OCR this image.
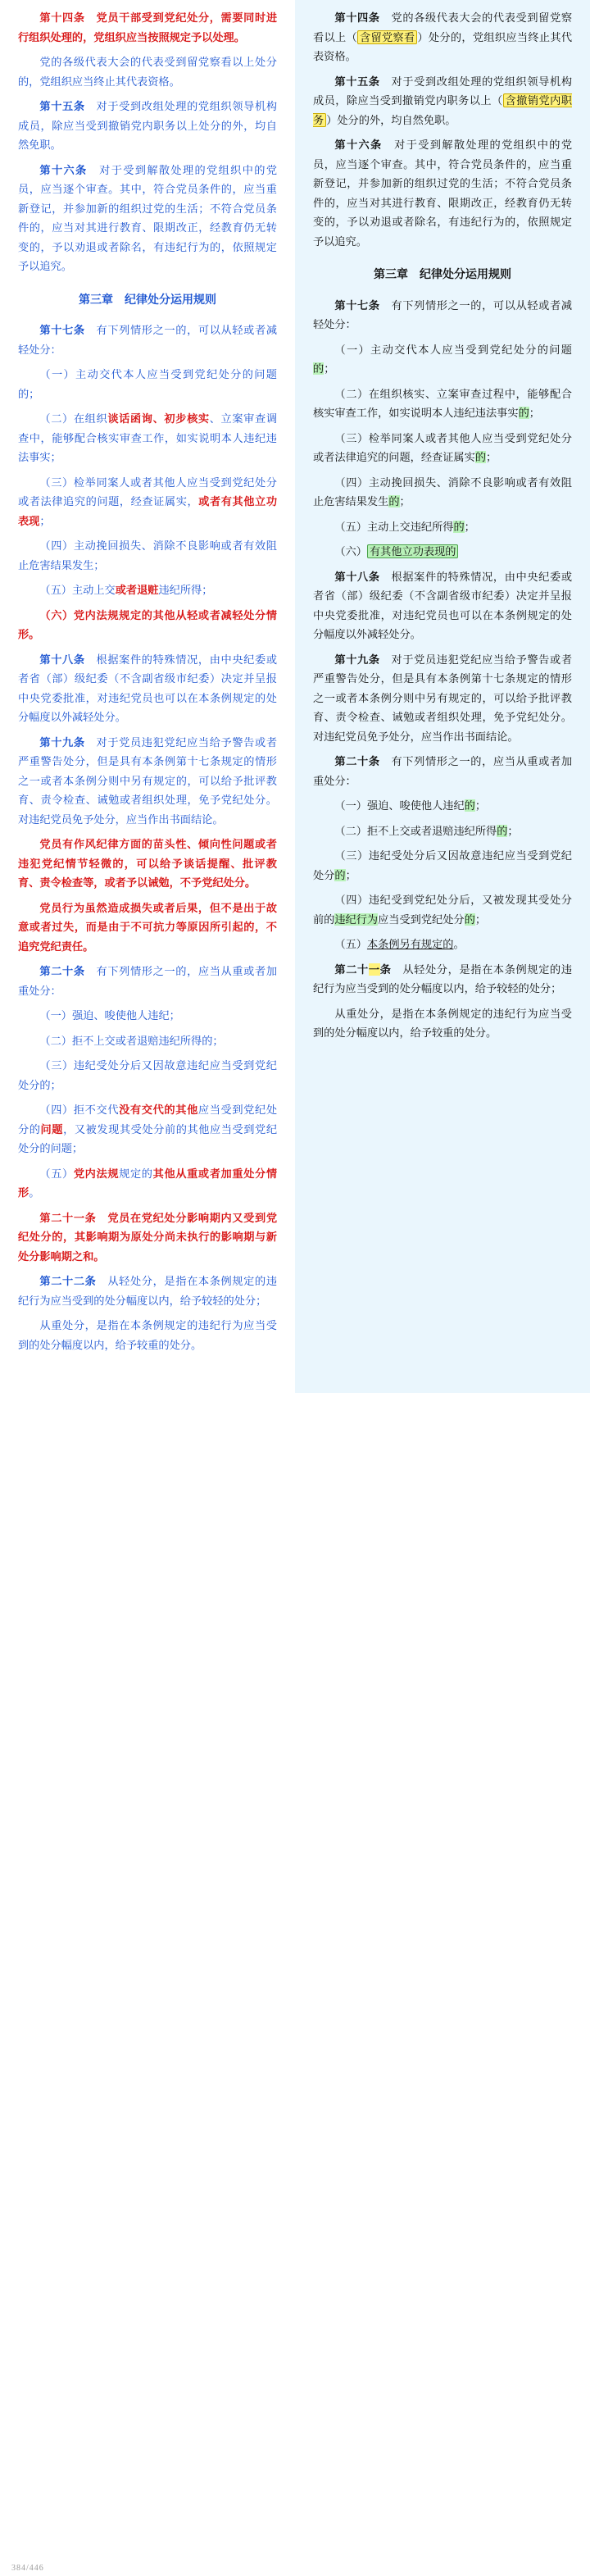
第十四条　党员干部受到党纪处分，需要同时进行组织处理的，党组织应当按照规定予以处理。

党的各级代表大会的代表受到留党察看以上处分的，党组织应当终止其代表资格。

第十五条　对于受到改组处理的党组织领导机构成员，除应当受到撤销党内职务以上处分的外，均自然免职。

第十六条　对于受到解散处理的党组织中的党员，应当逐个审查。其中，符合党员条件的，应当重新登记，并参加新的组织过党的生活；不符合党员条件的，应当对其进行教育、限期改正，经教育仍无转变的，予以劝退或者除名，有违纪行为的，依照规定予以追究。

第三章　纪律处分运用规则

第十七条　有下列情形之一的，可以从轻或者减轻处分：

（一）主动交代本人应当受到党纪处分的问题的；

（二）在组织谈话函询、初步核实、立案审查调查中，能够配合核实审查工作，如实说明本人违纪违法事实；

（三）检举同案人或者其他人应当受到党纪处分或者法律追究的问题，经查证属实，或者有其他立功表现；

（四）主动挽回损失、消除不良影响或者有效阻止危害结果发生；

（五）主动上交或者退赃违纪所得；

（六）党内法规规定的其他从轻或者减轻处分情形。

第十八条　根据案件的特殊情况，由中央纪委或者省（部）级纪委（不含副省级市纪委）决定并呈报中央党委批准，对违纪党员也可以在本条例规定的处分幅度以外减轻处分。

第十九条　对于党员违犯党纪应当给予警告或者严重警告处分，但是具有本条例第十七条规定的情形之一或者本条例分则中另有规定的，可以给予批评教育、责令检查、诫勉或者组织处理，免予党纪处分。对违纪党员免予处分，应当作出书面结论。

党员有作风纪律方面的苗头性、倾向性问题或者违犯党纪情节轻微的，可以给予谈话提醒、批评教育、责令检查等，或者予以诫勉，不予党纪处分。

党员行为虽然造成损失或者后果，但不是出于故意或者过失，而是由于不可抗力等原因所引起的，不追究党纪责任。

第二十条　有下列情形之一的，应当从重或者加重处分：

（一）强迫、唆使他人违纪；

（二）拒不上交或者退赔违纪所得的；

（三）违纪受处分后又因故意违纪应当受到党纪处分的；

（四）拒不交代没有交代的其他应当受到党纪处分的问题，又被发现其受处分前的其他应当受到党纪处分的问题；

（五）党内法规规定的其他从重或者加重处分情形。

第二十一条　党员在党纪处分影响期内又受到党纪处分的，其影响期为原处分尚未执行的影响期与新处分影响期之和。

第二十二条　从轻处分，是指在本条例规定的违纪行为应当受到的处分幅度以内，给予较轻的处分；

从重处分，是指在本条例规定的违纪行为应当受到的处分幅度以内，给予较重的处分。

第十四条　党的各级代表大会的代表受到留党察看以上（ 含留党察看 ）处分的，党组织应当终止其代表资格。

第十五条　对于受到改组处理的党组织领导机构成员，除应当受到撤销党内职务以上（ 含撤销党内职务 ）处分的外，均自然免职。

第十六条　对于受到解散处理的党组织中的党员，应当逐个审查。其中，符合党员条件的，应当重新登记，并参加新的组织过党的生活；不符合党员条件的，应当对其进行教育、限期改正，经教育仍无转变的，予以劝退或者除名，有违纪行为的，依照规定予以追究。

第三章　纪律处分运用规则

第十七条　有下列情形之一的，可以从轻或者减轻处分：

（一）主动交代本人应当受到党纪处分的问题的；

（二）在组织核实、立案审查过程中，能够配合核实审查工作，如实说明本人违纪违法事实的；

（三）检举同案人或者其他人应当受到党纪处分或者法律追究的问题，经查证属实的；

（四）主动挽回损失、消除不良影响或者有效阻止危害结果发生的；

（五）主动上交违纪所得的；

（六） 有其他立功表现的

第十八条　根据案件的特殊情况，由中央纪委或者省（部）级纪委（不含副省级市纪委）决定并呈报中央党委批准，对违纪党员也可以在本条例规定的处分幅度以外减轻处分。

第十九条　对于党员违犯党纪应当给予警告或者严重警告处分，但是具有本条例第十七条规定的情形之一或者本条例分则中另有规定的，可以给予批评教育、责令检查、诫勉或者组织处理，免予党纪处分。对违纪党员免予处分，应当作出书面结论。

第二十条　有下列情形之一的，应当从重或者加重处分：

（一）强迫、唆使他人违纪的；

（二）拒不上交或者退赔违纪所得的；

（三）违纪受处分后又因故意违纪应当受到党纪处分的；

（四）违纪受到党纪处分后，又被发现其受处分前的违纪行为应当受到党纪处分的；

（五）本条例另有规定的。

第二十一条　从轻处分，是指在本条例规定的违纪行为应当受到的处分幅度以内，给予较轻的处分；

从重处分，是指在本条例规定的违纪行为应当受到的处分幅度以内，给予较重的处分。

384/446
